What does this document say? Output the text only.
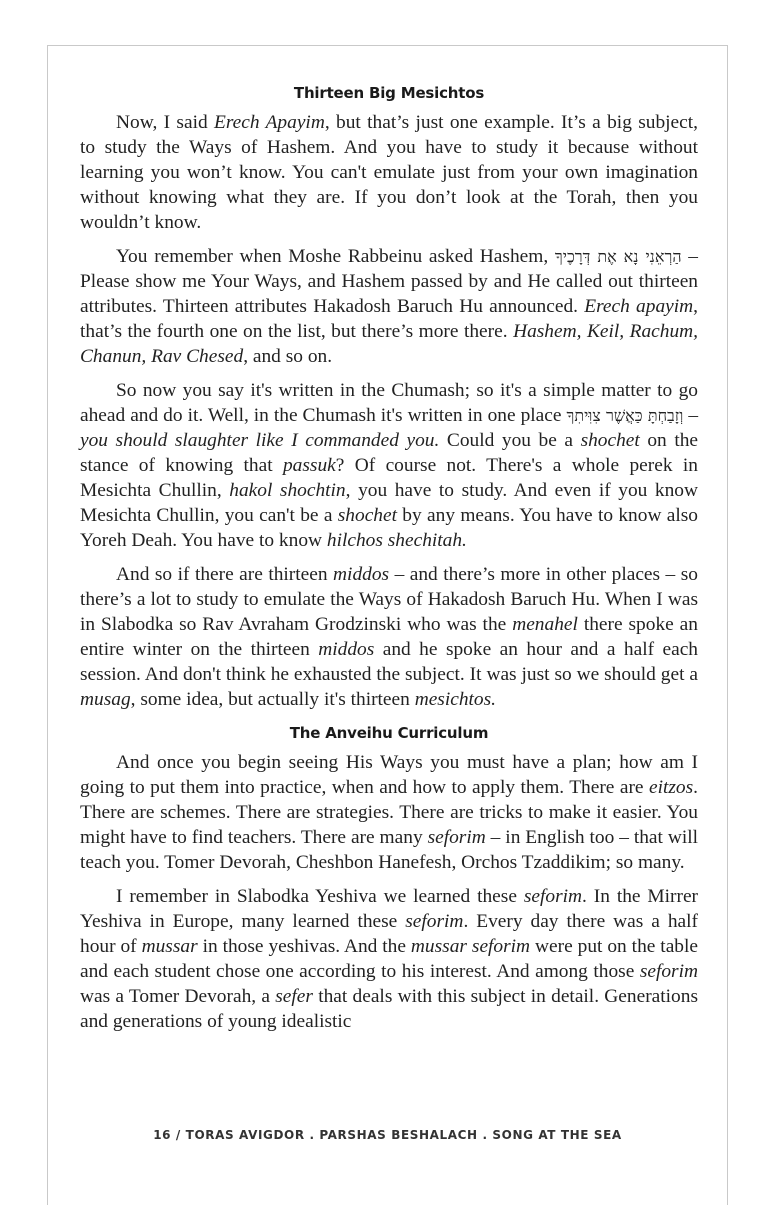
Thirteen Big Mesichtos

Now, I said Erech Apayim, but that’s just one example. It’s a big subject, to study the Ways of Hashem. And you have to study it because without learning you won’t know. You can't emulate just from your own imagination without knowing what they are. If you don’t look at the Torah, then you wouldn’t know.

You remember when Moshe Rabbeinu asked Hashem, הַרְאֵנִי נָא אֶת דְּרָכֶיךָ – Please show me Your Ways, and Hashem passed by and He called out thirteen attributes. Thirteen attributes Hakadosh Baruch Hu announced. Erech apayim, that’s the fourth one on the list, but there’s more there. Hashem, Keil, Rachum, Chanun, Rav Chesed, and so on.

So now you say it's written in the Chumash; so it's a simple matter to go ahead and do it. Well, in the Chumash it's written in one place וְזָבַחְתָּ כַּאֲשֶׁר צִוִּיתִךָ – you should slaughter like I commanded you. Could you be a shochet on the stance of knowing that passuk? Of course not. There's a whole perek in Mesichta Chullin, hakol shochtin, you have to study. And even if you know Mesichta Chullin, you can't be a shochet by any means. You have to know also Yoreh Deah. You have to know hilchos shechitah.

And so if there are thirteen middos – and there’s more in other places – so there’s a lot to study to emulate the Ways of Hakadosh Baruch Hu. When I was in Slabodka so Rav Avraham Grodzinski who was the menahel there spoke an entire winter on the thirteen middos and he spoke an hour and a half each session. And don't think he exhausted the subject. It was just so we should get a musag, some idea, but actually it's thirteen mesichtos.

The Anveihu Curriculum

And once you begin seeing His Ways you must have a plan; how am I going to put them into practice, when and how to apply them. There are eitzos. There are schemes. There are strategies. There are tricks to make it easier. You might have to find teachers. There are many seforim – in English too – that will teach you. Tomer Devorah, Cheshbon Hanefesh, Orchos Tzaddikim; so many.

I remember in Slabodka Yeshiva we learned these seforim. In the Mirrer Yeshiva in Europe, many learned these seforim. Every day there was a half hour of mussar in those yeshivas. And the mussar seforim were put on the table and each student chose one according to his interest. And among those seforim was a Tomer Devorah, a sefer that deals with this subject in detail. Generations and generations of young idealistic

16 / TORAS AVIGDOR . PARSHAS BESHALACH . SONG AT THE SEA
